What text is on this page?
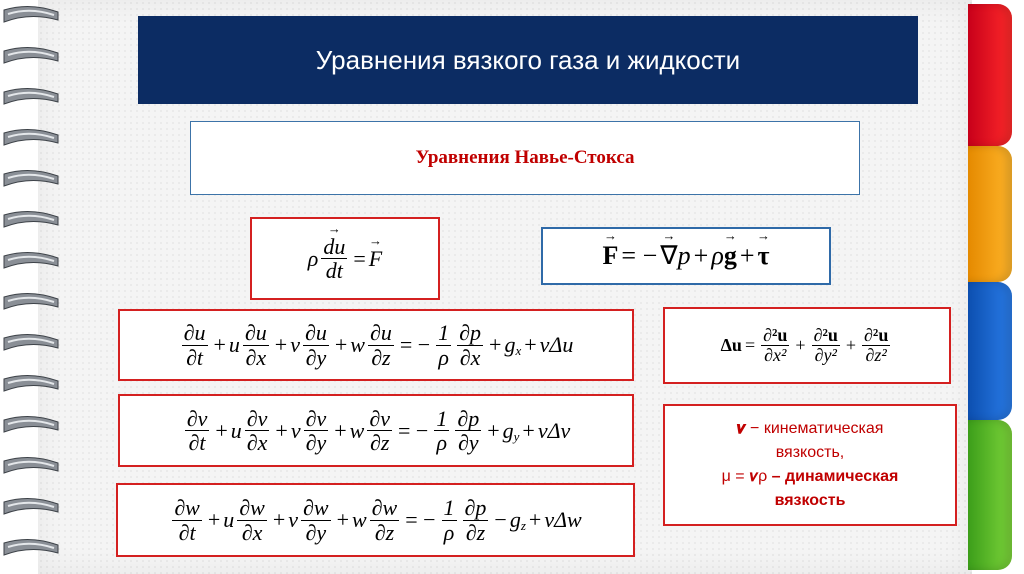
Уравнения вязкого газа и жидкости
Уравнения Навье-Стокса
ρ
→ $\frac{du}{dt}$ =
→ F
→	F = −
→ ∇ p + ρ
→ g +
→ τ
$\Delta u = \frac{\text{∂²u}}{\text{∂x²}} + \frac{\text{∂²u}}{\text{∂y²}} + \frac{\text{∂²u}}{\text{∂z²}}$
$\frac{\partial u}{\partial t} + u \frac{\partial u}{\partial x} + v \frac{\partial u}{\partial y} + w \frac{\partial u}{\partial z}$ = − $\frac{1}{\rho} \frac{\partial p}{\partial x} + g$ x + νΔu
$\frac{\partial v}{\partial t} + u \frac{\partial v}{\partial x} + v \frac{\partial v}{\partial y} + w \frac{\partial v}{\partial z}$ = − $\frac{1}{\rho} \frac{\partial p}{\partial y} + g$ y + νΔv
$\frac{\partial w}{\partial t} + u \frac{\partial w}{\partial x} + v \frac{\partial w}{\partial y} + w \frac{\partial w}{\partial z}$ = − $\frac{1}{\rho} \frac{\partial p}{\partial z} - g$ z + νΔw
𝝂 − кинематическая
вязкость,
μ = 𝝂ρ – динамическая
вязкость
